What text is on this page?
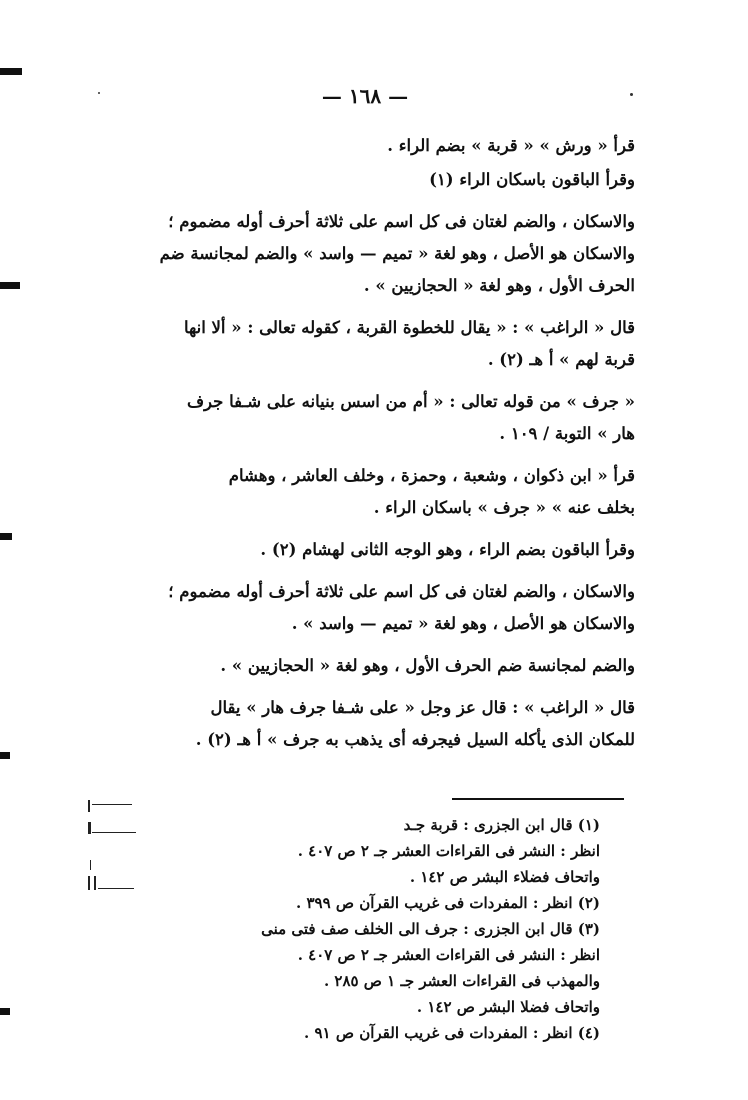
— ١٦٨ —

قرأ « ورش » « قربة » بضم الراء .

وقرأ الباقون باسكان الراء (١)

والاسكان ، والضم لغتان فى كل اسم على ثلاثة أحرف أوله مضموم ؛
والاسكان هو الأصل ، وهو لغة « تميم — واسد » والضم لمجانسة ضم
الحرف الأول ، وهو لغة « الحجازيين » .

قال « الراغب » : « يقال للخطوة القربة ، كقوله تعالى : « ألا انها
قربة لهم » أ هـ (٢) .

« جرف » من قوله تعالى : « أم من اسس بنيانه على شـفا جرف
هار » التوبة / ١٠٩ .

قرأ « ابن ذكوان ، وشعبة ، وحمزة ، وخلف العاشر ، وهشام
بخلف عنه » « جرف » باسكان الراء .

وقرأ الباقون بضم الراء ، وهو الوجه الثانى لهشام (٢) .

والاسكان ، والضم لغتان فى كل اسم على ثلاثة أحرف أوله مضموم ؛
والاسكان هو الأصل ، وهو لغة « تميم — واسد » .

والضم لمجانسة ضم الحرف الأول ، وهو لغة « الحجازيين » .

قال « الراغب » : قال عز وجل « على شـفا جرف هار » يقال
للمكان الذى يأكله السيل فيجرفه أى يذهب به جرف » أ هـ (٢) .

(١) قال ابن الجزرى : قربة جـد
انظر : النشر فى القراءات العشر جـ ٢ ص ٤٠٧ .
واتحاف فضلاء البشر ص ١٤٢ .
(٢) انظر : المفردات فى غريب القرآن ص ٣٩٩ .
(٣) قال ابن الجزرى : جرف الى الخلف صف فتى منى
انظر : النشر فى القراءات العشر جـ ٢ ص ٤٠٧ .
والمهذب فى القراءات العشر جـ ١ ص ٢٨٥ .
واتحاف فضلا البشر ص ١٤٢ .
(٤) انظر : المفردات فى غريب القرآن ص ٩١ .
